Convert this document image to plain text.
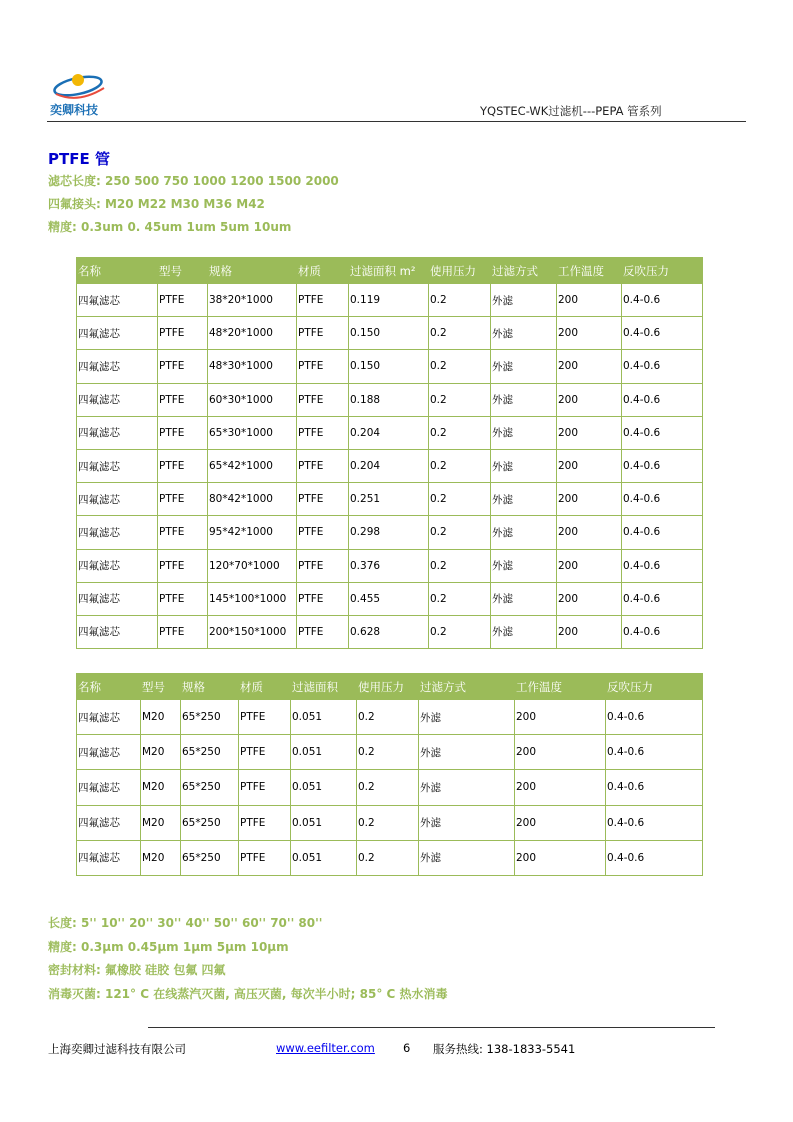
奕卿科技	YQSTEC-WK过滤机---PEPA 管系列
PTFE 管
滤芯长度: 250 500 750 1000 1200 1500 2000
四氟接头: M20 M22 M30 M36 M42
精度: 0.3um 0. 45um 1um 5um 10um
名称	型号	规格	材质	过滤面积 m²	使用压力	过滤方式	工作温度	反吹压力
四氟滤芯	PTFE	38*20*1000	PTFE	0.119	0.2	外滤	200	0.4-0.6
四氟滤芯	PTFE	48*20*1000	PTFE	0.150	0.2	外滤	200	0.4-0.6
四氟滤芯	PTFE	48*30*1000	PTFE	0.150	0.2	外滤	200	0.4-0.6
四氟滤芯	PTFE	60*30*1000	PTFE	0.188	0.2	外滤	200	0.4-0.6
四氟滤芯	PTFE	65*30*1000	PTFE	0.204	0.2	外滤	200	0.4-0.6
四氟滤芯	PTFE	65*42*1000	PTFE	0.204	0.2	外滤	200	0.4-0.6
四氟滤芯	PTFE	80*42*1000	PTFE	0.251	0.2	外滤	200	0.4-0.6
四氟滤芯	PTFE	95*42*1000	PTFE	0.298	0.2	外滤	200	0.4-0.6
四氟滤芯	PTFE	120*70*1000	PTFE	0.376	0.2	外滤	200	0.4-0.6
四氟滤芯	PTFE	145*100*1000	PTFE	0.455	0.2	外滤	200	0.4-0.6
四氟滤芯	PTFE	200*150*1000	PTFE	0.628	0.2	外滤	200	0.4-0.6
名称	型号	规格	材质	过滤面积	使用压力	过滤方式	工作温度	反吹压力
四氟滤芯	M20	65*250	PTFE	0.051	0.2	外滤	200	0.4-0.6
四氟滤芯	M20	65*250	PTFE	0.051	0.2	外滤	200	0.4-0.6
四氟滤芯	M20	65*250	PTFE	0.051	0.2	外滤	200	0.4-0.6
四氟滤芯	M20	65*250	PTFE	0.051	0.2	外滤	200	0.4-0.6
四氟滤芯	M20	65*250	PTFE	0.051	0.2	外滤	200	0.4-0.6
长度: 5'' 10'' 20'' 30'' 40'' 50'' 60'' 70'' 80''
精度: 0.3μm 0.45μm 1μm 5μm 10μm
密封材料: 氟橡胶 硅胶 包氟 四氟
消毒灭菌: 121° C 在线蒸汽灭菌, 高压灭菌, 每次半小时; 85° C 热水消毒
上海奕卿过滤科技有限公司	www.eefilter.com 6 服务热线: 138-1833-5541
